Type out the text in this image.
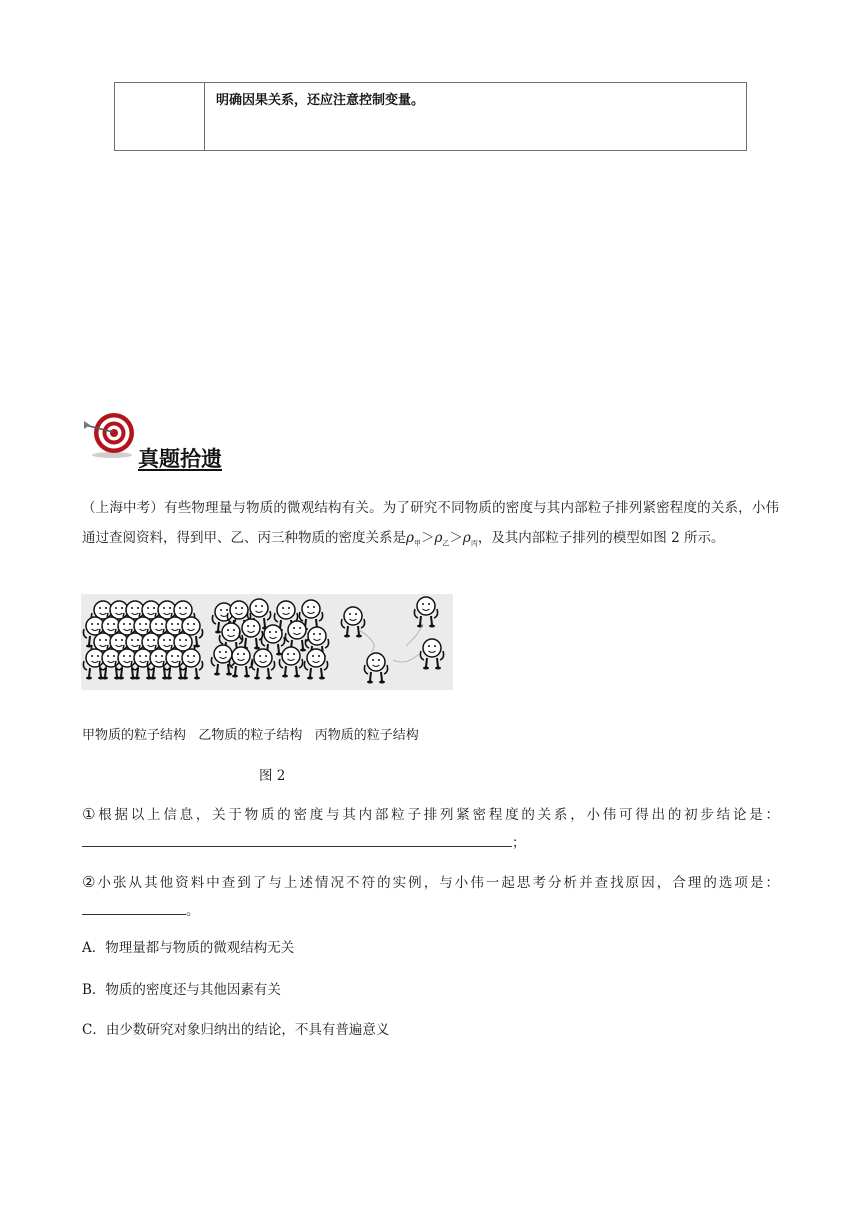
明确因果关系，还应注意控制变量。
真题拾遗
（上海中考）有些物理量与物质的微观结构有关。为了研究不同物质的密度与其内部粒子排列紧密程度的关系，小伟通过查阅资料，得到甲、乙、丙三种物质的密度关系是$\rho_甲>\rho_乙>\rho_丙$，及其内部粒子排列的模型如图 2 所示。
甲物质的粒子结构   乙物质的粒子结构   丙物质的粒子结构
图 2
①根据以上信息，关于物质的密度与其内部粒子排列紧密程度的关系，小伟可得出的初步结论是：；
②小张从其他资料中查到了与上述情况不符的实例，与小伟一起思考分析并查找原因，合理的选项是：。
A．物理量都与物质的微观结构无关
B．物质的密度还与其他因素有关
C．由少数研究对象归纳出的结论，不具有普遍意义
